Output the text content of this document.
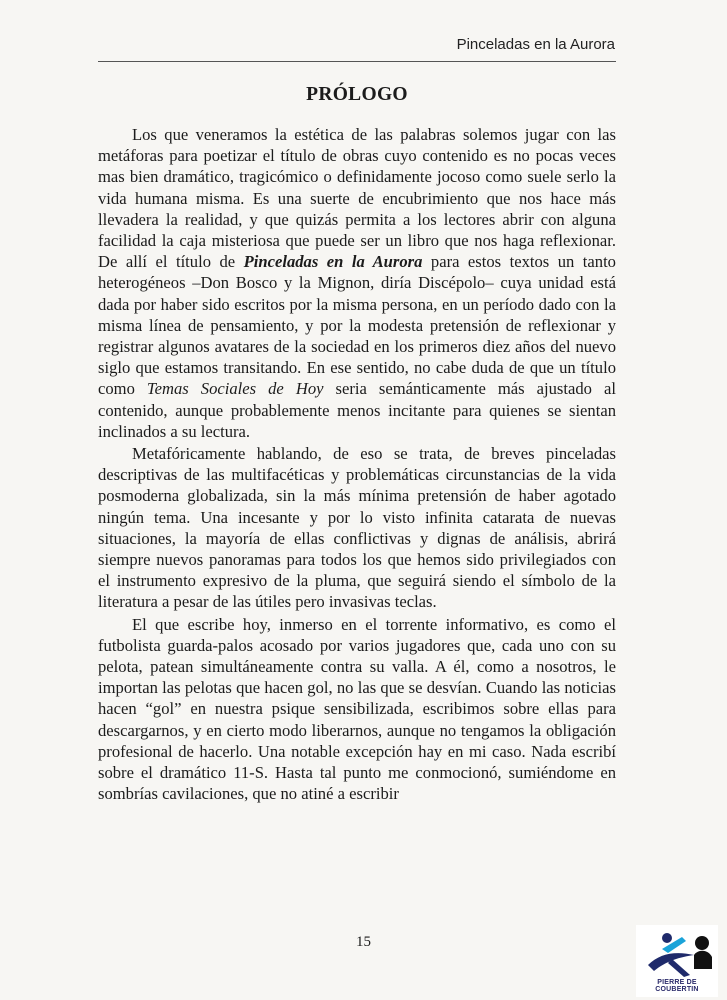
Pinceladas en la Aurora
PRÓLOGO

Los que veneramos la estética de las palabras solemos jugar con las metáforas para poetizar el título de obras cuyo contenido es no pocas veces mas bien dramático, tragicómico o definidamente jocoso como suele serlo la vida humana misma. Es una suerte de encubrimiento que nos hace más llevadera la realidad, y que quizás permita a los lectores abrir con alguna facilidad la caja misteriosa que puede ser un libro que nos haga reflexionar. De allí el título de Pinceladas en la Aurora para estos textos un tanto heterogéneos –Don Bosco y la Mignon, diría Discépolo– cuya unidad está dada por haber sido escritos por la misma persona, en un período dado con la misma línea de pensamiento, y por la modesta pretensión de reflexionar y registrar algunos avatares de la sociedad en los primeros diez años del nuevo siglo que estamos transitando. En ese sentido, no cabe duda de que un título como Temas Sociales de Hoy seria semánticamente más ajustado al contenido, aunque probablemente menos incitante para quienes se sientan inclinados a su lectura.

Metafóricamente hablando, de eso se trata, de breves pinceladas descriptivas de las multifacéticas y problemáticas circunstancias de la vida posmoderna globalizada, sin la más mínima pretensión de haber agotado ningún tema. Una incesante y por lo visto infinita catarata de nuevas situaciones, la mayoría de ellas conflictivas y dignas de análisis, abrirá siempre nuevos panoramas para todos los que hemos sido privilegiados con el instrumento expresivo de la pluma, que seguirá siendo el símbolo de la literatura a pesar de las útiles pero invasivas teclas.

El que escribe hoy, inmerso en el torrente informativo, es como el futbolista guarda-palos acosado por varios jugadores que, cada uno con su pelota, patean simultáneamente contra su valla. A él, como a nosotros, le importan las pelotas que hacen gol, no las que se desvían. Cuando las noticias hacen “gol” en nuestra psique sensibilizada, escribimos sobre ellas para descargarnos, y en cierto modo liberarnos, aunque no tengamos la obligación profesional de hacerlo. Una notable excepción hay en mi caso. Nada escribí sobre el dramático 11-S. Hasta tal punto me conmocionó, sumiéndome en sombrías cavilaciones, que no atiné a escribir

15
PIERRE DE COUBERTIN
